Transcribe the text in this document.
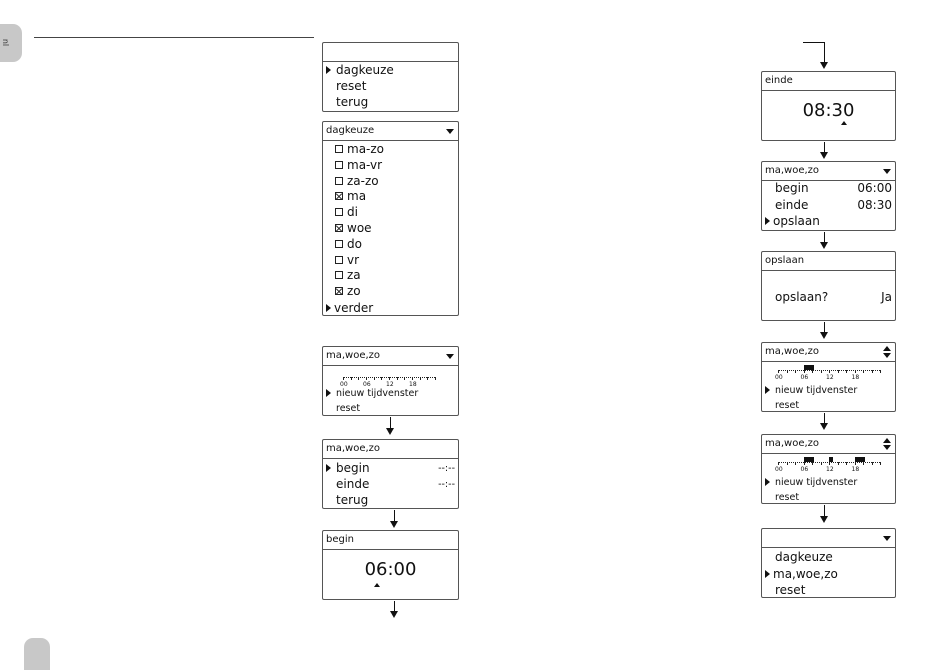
nl
dagkeuze
reset
terug
dagkeuze
ma-zo
ma-vr
za-zo
ma
di
woe
do
vr
za
zo
verder
ma,woe,zo
00	06	12	18
nieuw tijdvenster
reset
ma,woe,zo
begin	--:--
einde	--:--
terug
begin
06:00
einde
08:30
ma,woe,zo
begin	06:00
einde	08:30
opslaan
opslaan
opslaan?	Ja
ma,woe,zo
00	06	12	18
nieuw tijdvenster
reset
ma,woe,zo
00	06	12	18
nieuw tijdvenster
reset
dagkeuze
ma,woe,zo
reset
